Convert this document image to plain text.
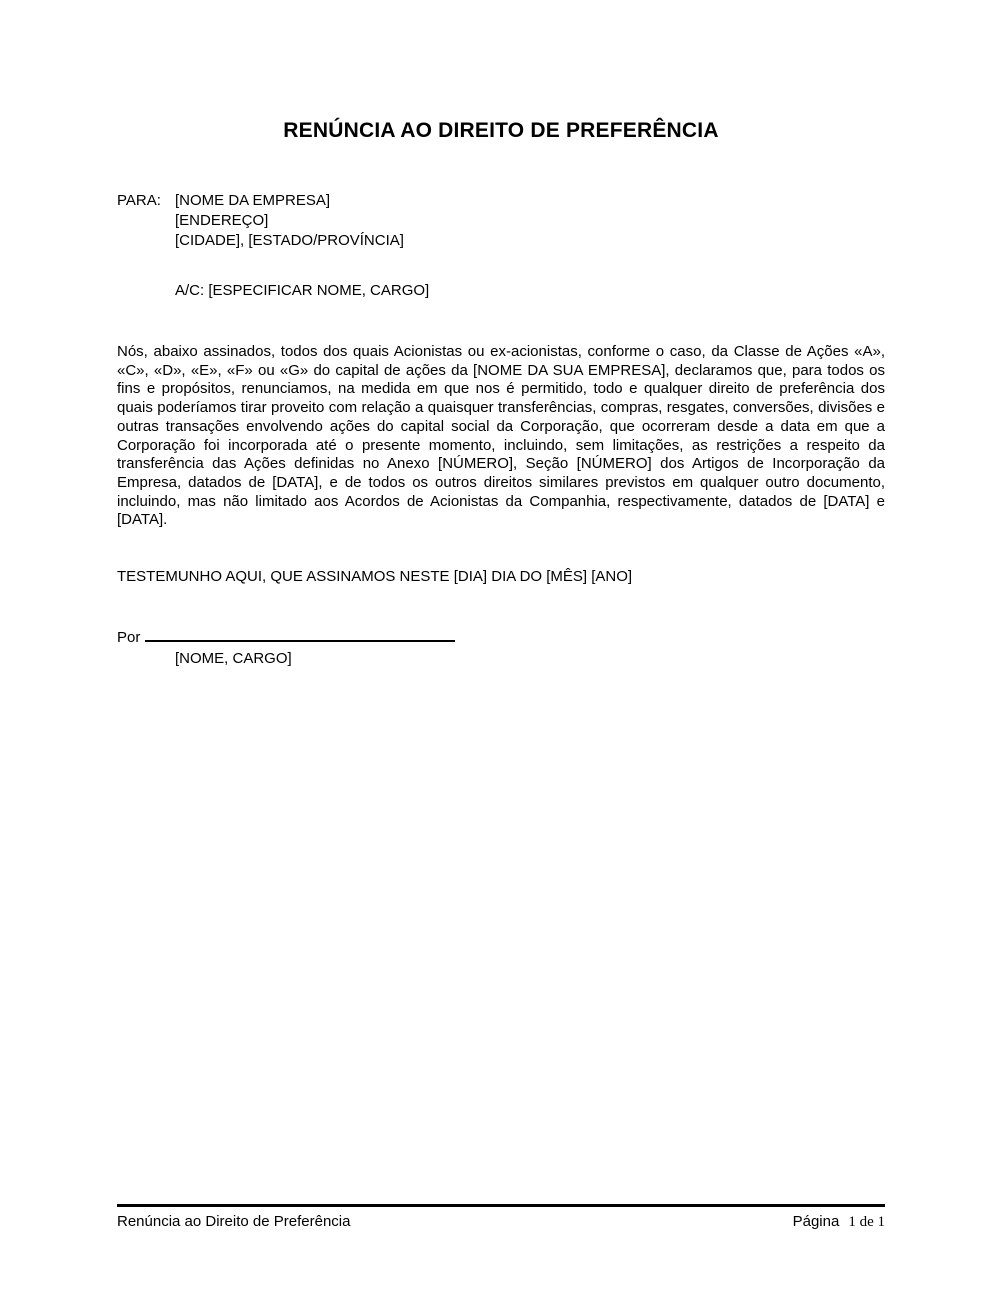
RENÚNCIA AO DIREITO DE PREFERÊNCIA
PARA: [NOME DA EMPRESA]
[ENDEREÇO]
[CIDADE], [ESTADO/PROVÍNCIA]
A/C: [ESPECIFICAR NOME, CARGO]

Nós, abaixo assinados, todos dos quais Acionistas ou ex-acionistas, conforme o caso, da Classe de Ações «A», «C», «D», «E», «F» ou «G» do capital de ações da [NOME DA SUA EMPRESA], declaramos que, para todos os fins e propósitos, renunciamos, na medida em que nos é permitido, todo e qualquer direito de preferência dos quais poderíamos tirar proveito com relação a quaisquer transferências, compras, resgates, conversões, divisões e outras transações envolvendo ações do capital social da Corporação, que ocorreram desde a data em que a Corporação foi incorporada até o presente momento, incluindo, sem limitações, as restrições a respeito da transferência das Ações definidas no Anexo [NÚMERO], Seção [NÚMERO] dos Artigos de Incorporação da Empresa, datados de [DATA], e de todos os outros direitos similares previstos em qualquer outro documento, incluindo, mas não limitado aos Acordos de Acionistas da Companhia, respectivamente, datados de [DATA] e [DATA].

TESTEMUNHO AQUI, QUE ASSINAMOS NESTE [DIA] DIA DO [MÊS] [ANO]

Por
[NOME, CARGO]
Renúncia ao Direito de Preferência	Página 1 de 1
